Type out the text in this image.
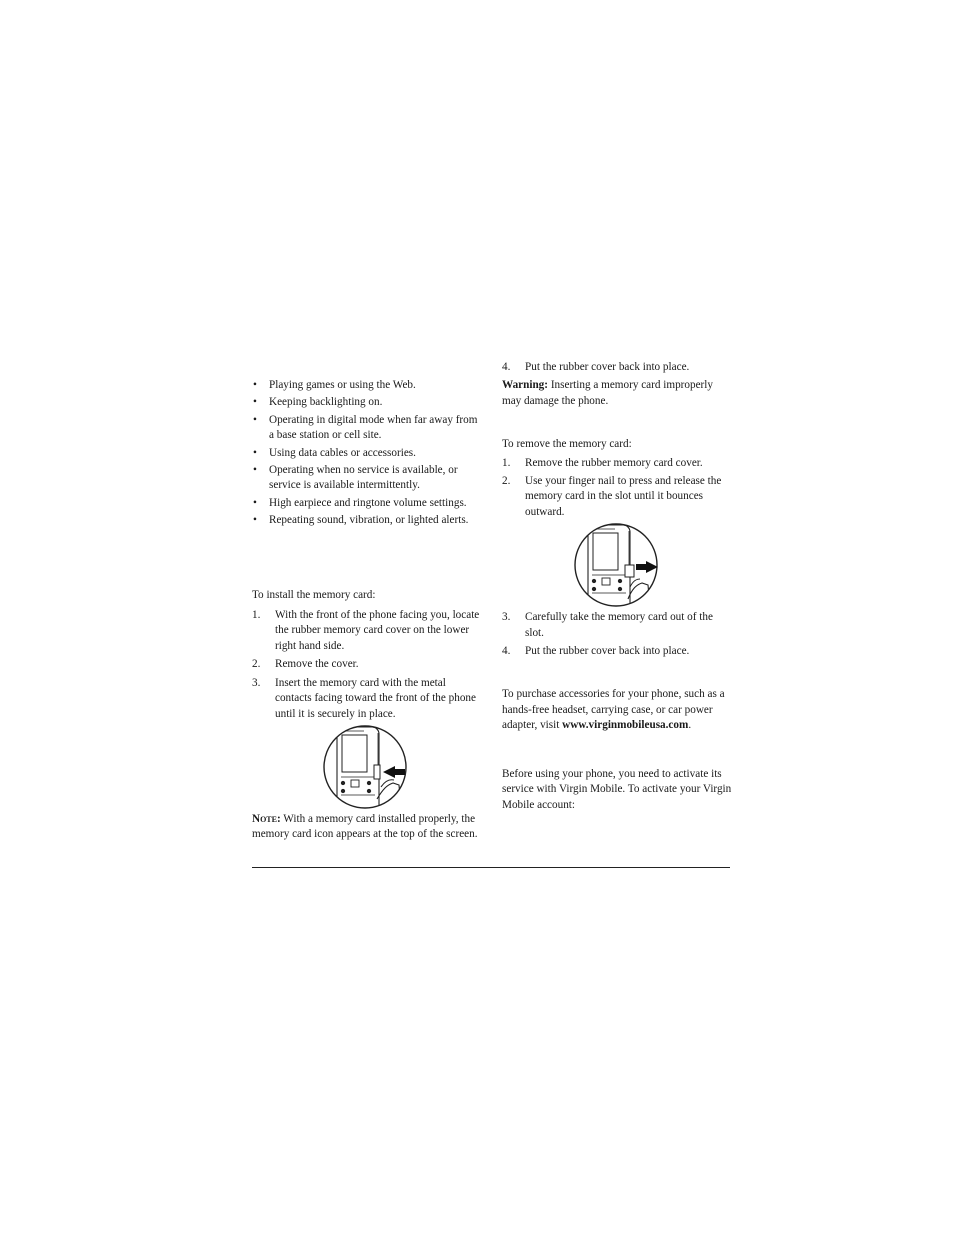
• Playing games or using the Web.
• Keeping backlighting on.
• Operating in digital mode when far away from a base station or cell site.
• Using data cables or accessories.
• Operating when no service is available, or service is available intermittently.
• High earpiece and ringtone volume settings.
• Repeating sound, vibration, or lighted alerts.

To install the memory card:

1. With the front of the phone facing you, locate the rubber memory card cover on the lower right hand side.
2. Remove the cover.
3. Insert the memory card with the metal contacts facing toward the front of the phone until it is securely in place.

Note: With a memory card installed properly, the memory card icon appears at the top of the screen.

4. Put the rubber cover back into place.

Warning: Inserting a memory card improperly may damage the phone.

To remove the memory card:

1. Remove the rubber memory card cover.
2. Use your finger nail to press and release the memory card in the slot until it bounces outward.
3. Carefully take the memory card out of the slot.
4. Put the rubber cover back into place.

To purchase accessories for your phone, such as a hands-free headset, carrying case, or car power adapter, visit www.virginmobileusa.com.

Before using your phone, you need to activate its service with Virgin Mobile. To activate your Virgin Mobile account:
